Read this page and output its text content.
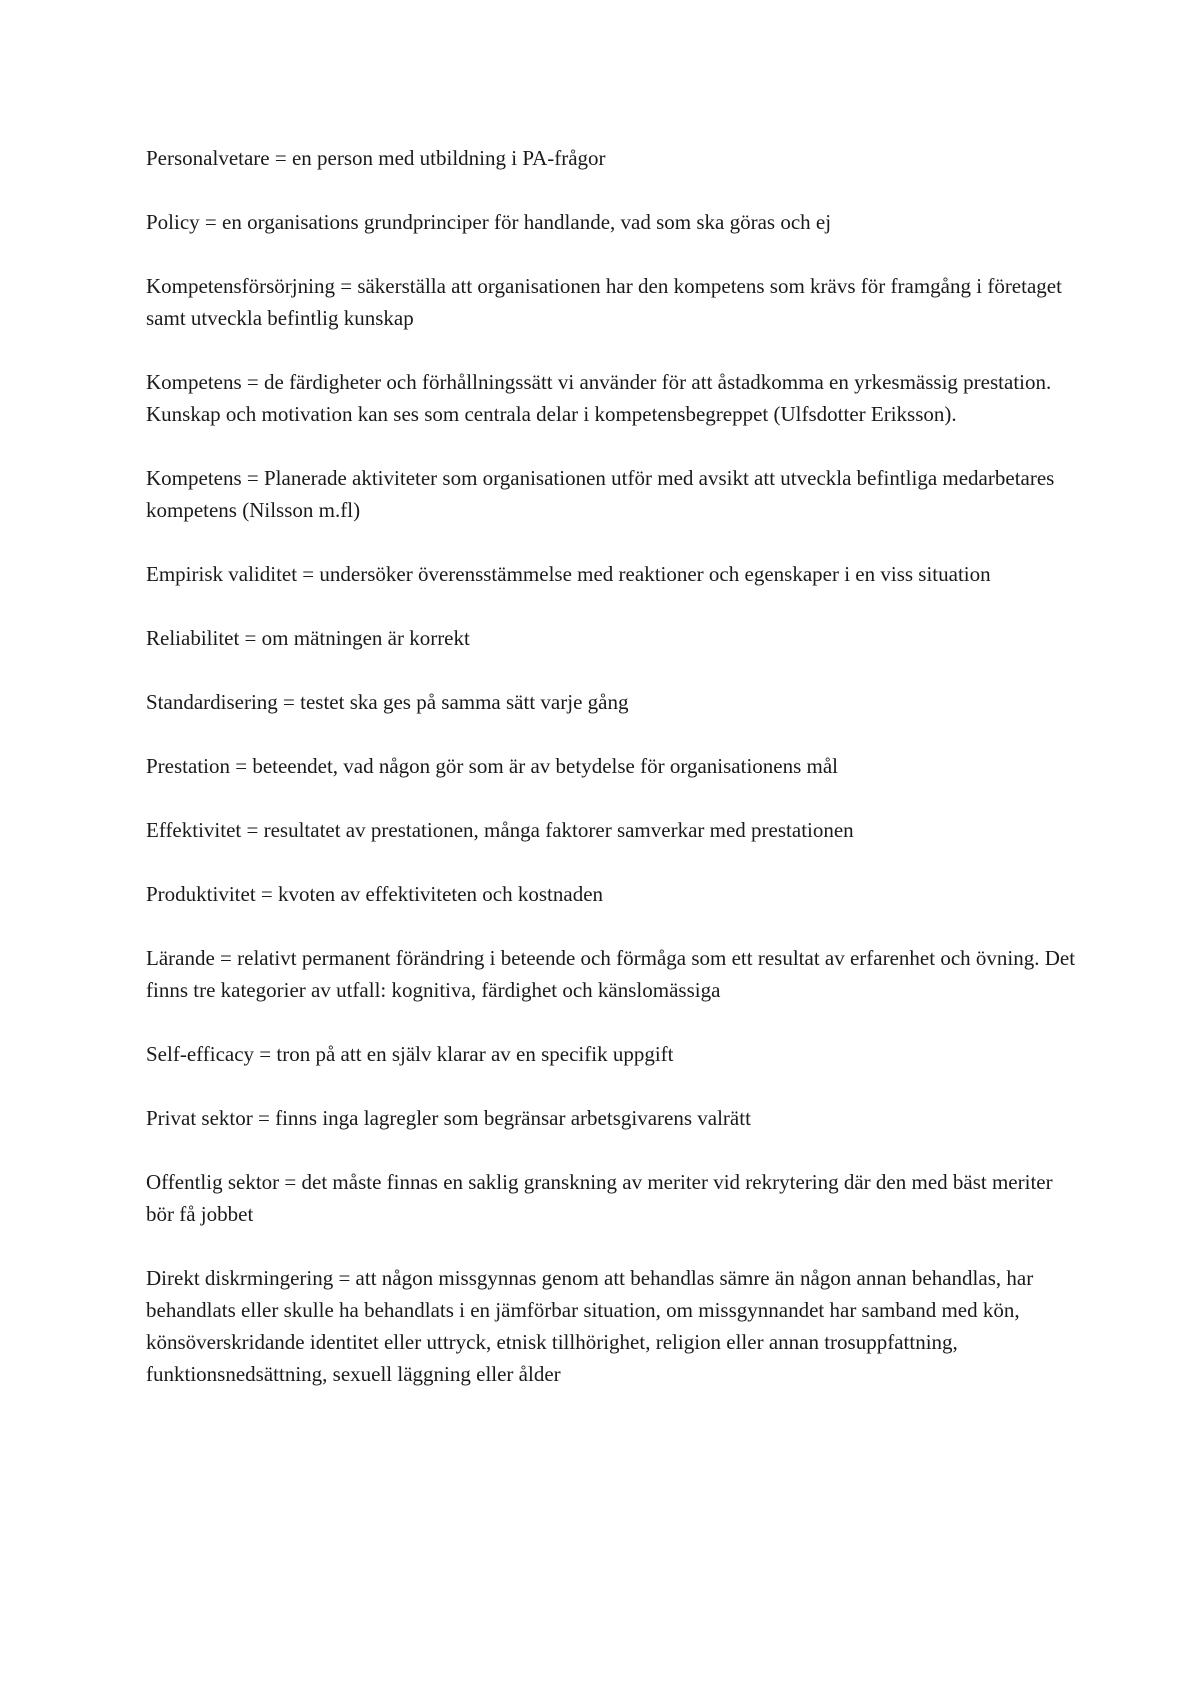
Personalvetare = en person med utbildning i PA-frågor

Policy = en organisations grundprinciper för handlande, vad som ska göras och ej

Kompetensförsörjning = säkerställa att organisationen har den kompetens som krävs för framgång i företaget samt utveckla befintlig kunskap

Kompetens = de färdigheter och förhållningssätt vi använder för att åstadkomma en yrkesmässig prestation. Kunskap och motivation kan ses som centrala delar i kompetensbegreppet (Ulfsdotter Eriksson).

Kompetens = Planerade aktiviteter som organisationen utför med avsikt att utveckla befintliga medarbetares kompetens (Nilsson m.fl)

Empirisk validitet = undersöker överensstämmelse med reaktioner och egenskaper i en viss situation

Reliabilitet = om mätningen är korrekt

Standardisering = testet ska ges på samma sätt varje gång

Prestation = beteendet, vad någon gör som är av betydelse för organisationens mål

Effektivitet = resultatet av prestationen, många faktorer samverkar med prestationen

Produktivitet = kvoten av effektiviteten och kostnaden

Lärande = relativt permanent förändring i beteende och förmåga som ett resultat av erfarenhet och övning. Det finns tre kategorier av utfall: kognitiva, färdighet och känslomässiga

Self-efficacy = tron på att en själv klarar av en specifik uppgift

Privat sektor = finns inga lagregler som begränsar arbetsgivarens valrätt

Offentlig sektor = det måste finnas en saklig granskning av meriter vid rekrytering där den med bäst meriter bör få jobbet

Direkt diskrmingering = att någon missgynnas genom att behandlas sämre än någon annan behandlas, har behandlats eller skulle ha behandlats i en jämförbar situation, om missgynnandet har samband med kön, könsöverskridande identitet eller uttryck, etnisk tillhörighet, religion eller annan trosuppfattning, funktionsnedsättning, sexuell läggning eller ålder
